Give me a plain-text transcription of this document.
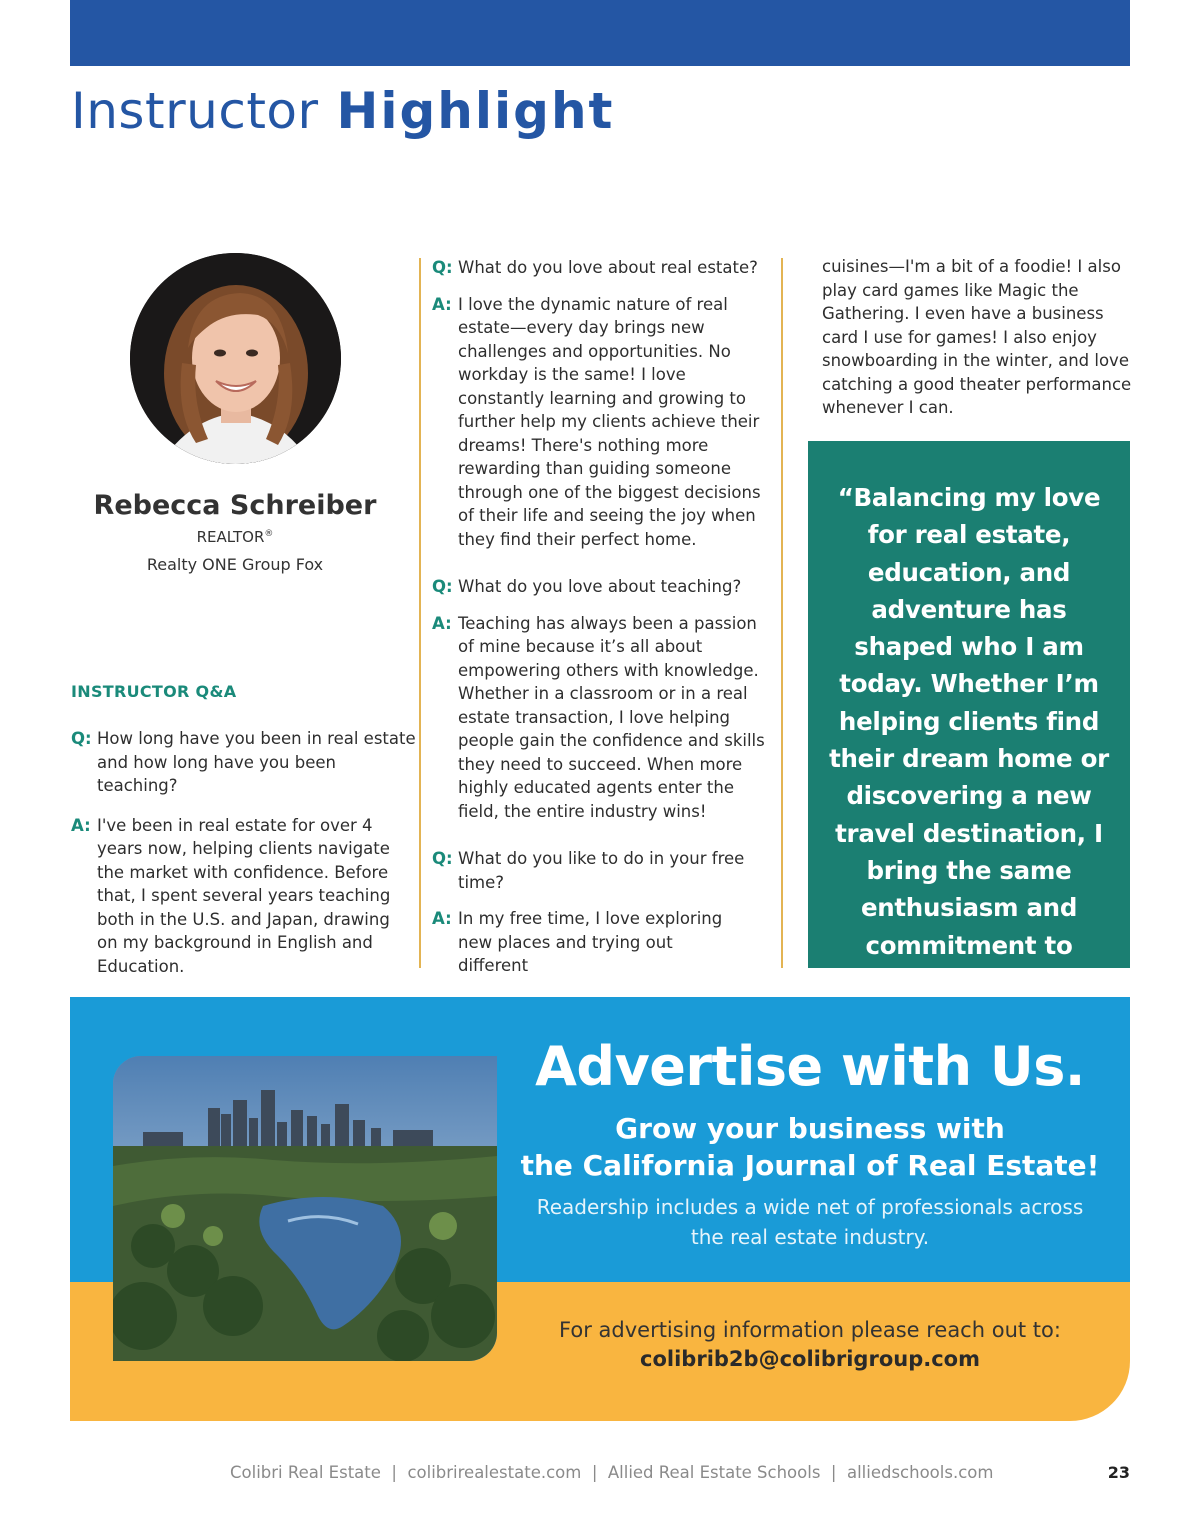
Instructor Highlight
Rebecca Schreiber
REALTOR®
Realty ONE Group Fox
INSTRUCTOR Q&A
Q: How long have you been in real estate and how long have you been teaching?
A: I've been in real estate for over 4 years now, helping clients navigate the market with confidence. Before that, I spent several years teaching both in the U.S. and Japan, drawing on my background in English and Education.
Q: What do you love about real estate?
A: I love the dynamic nature of real estate—every day brings new challenges and opportunities. No workday is the same! I love constantly learning and growing to further help my clients achieve their dreams! There's nothing more rewarding than guiding someone through one of the biggest decisions of their life and seeing the joy when they find their perfect home.
Q: What do you love about teaching?
A: Teaching has always been a passion of mine because it’s all about empowering others with knowledge. Whether in a classroom or in a real estate transaction, I love helping people gain the confidence and skills they need to succeed. When more highly educated agents enter the field, the entire industry wins!
Q: What do you like to do in your free time?
A: In my free time, I love exploring new places and trying out different
cuisines—I'm a bit of a foodie! I also play card games like Magic the Gathering. I even have a business card I use for games! I also enjoy snowboarding in the winter, and love catching a good theater performance whenever I can.
“Balancing my love for real estate, education, and adventure has shaped who I am today. Whether I’m helping clients find their dream home or discovering a new travel destination, I bring the same enthusiasm and commitment to everything I do.”
Advertise with Us.
Grow your business with
the California Journal of Real Estate!
Readership includes a wide net of professionals across the real estate industry.
For advertising information please reach out to:
colibrib2b@colibrigroup.com
Colibri Real Estate  |  colibrirealestate.com  |  Allied Real Estate Schools  |  alliedschools.com	23
